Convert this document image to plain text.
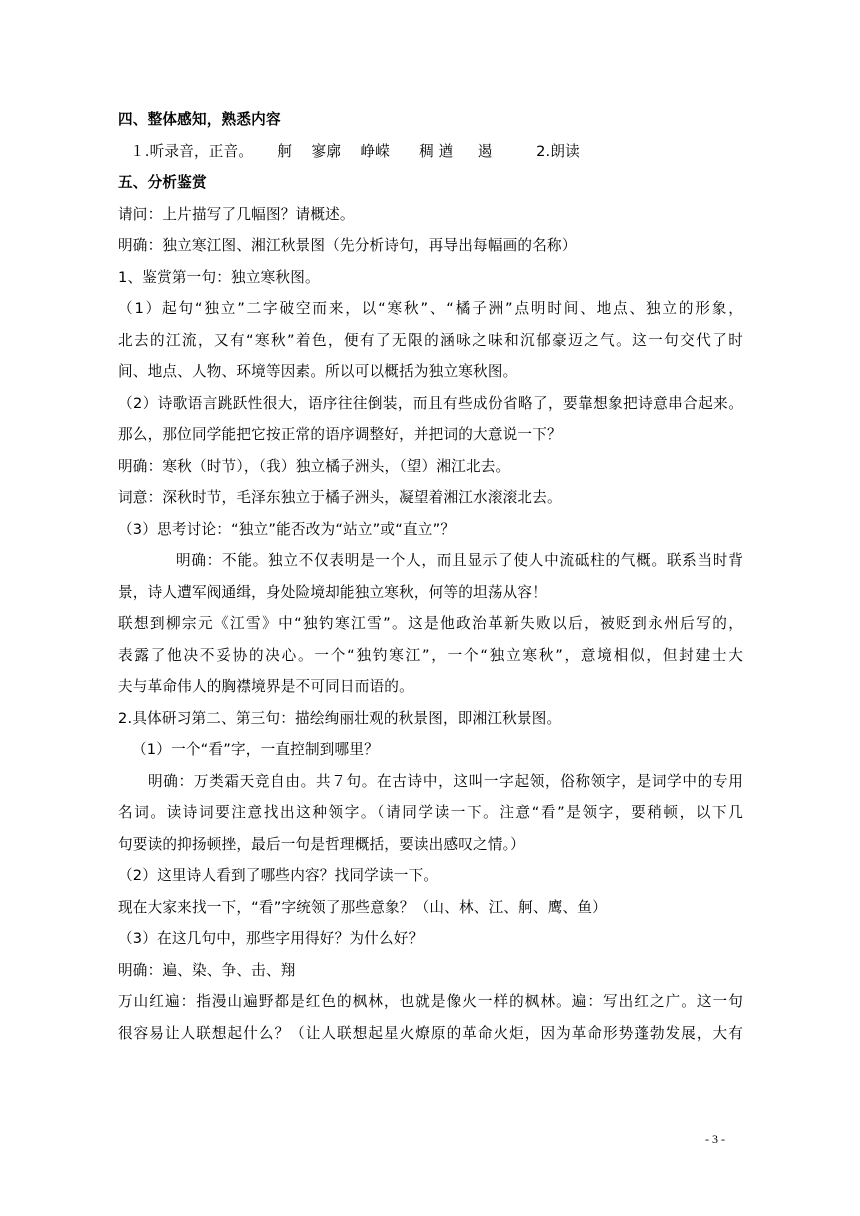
四、整体感知，熟悉内容
１.听录音，正音。     舸    寥廓    峥嵘      稠 遒     遏         2.朗读
五、分析鉴赏
请问：上片描写了几幅图？请概述。
明确：独立寒江图、湘江秋景图（先分析诗句，再导出每幅画的名称）
1、鉴赏第一句：独立寒秋图。
（1）起句“独立”二字破空而来，以“寒秋”、“橘子洲”点明时间、地点、独立的形象，
北去的江流，又有“寒秋”着色，便有了无限的涵咏之味和沉郁豪迈之气。这一句交代了时
间、地点、人物、环境等因素。所以可以概括为独立寒秋图。
（2）诗歌语言跳跃性很大，语序往往倒装，而且有些成份省略了，要靠想象把诗意串合起来。
那么，那位同学能把它按正常的语序调整好，并把词的大意说一下？
明确：寒秋（时节），（我）独立橘子洲头，（望）湘江北去。
词意：深秋时节，毛泽东独立于橘子洲头，凝望着湘江水滚滚北去。
（3）思考讨论：“独立”能否改为“站立”或“直立”？
明确：不能。独立不仅表明是一个人，而且显示了使人中流砥柱的气概。联系当时背
景，诗人遭军阀通缉，身处险境却能独立寒秋，何等的坦荡从容！
联想到柳宗元《江雪》中“独钓寒江雪”。这是他政治革新失败以后，被贬到永州后写的，
表露了他决不妥协的决心。一个“独钓寒江”，一个“独立寒秋”，意境相似，但封建士大
夫与革命伟人的胸襟境界是不可同日而语的。
2.具体研习第二、第三句：描绘绚丽壮观的秋景图，即湘江秋景图。
（1）一个“看”字，一直控制到哪里？
明确：万类霜天竞自由。共７句。在古诗中，这叫一字起领，俗称领字，是词学中的专用
名词。读诗词要注意找出这种领字。（请同学读一下。注意“看”是领字，要稍顿，以下几
句要读的抑扬顿挫，最后一句是哲理概括，要读出感叹之情。）
（2）这里诗人看到了哪些内容？找同学读一下。
现在大家来找一下，“看”字统领了那些意象？（山、林、江、舸、鹰、鱼）
（3）在这几句中，那些字用得好？为什么好？
明确：遍、染、争、击、翔
万山红遍：指漫山遍野都是红色的枫林，也就是像火一样的枫林。遍：写出红之广。这一句
很容易让人联想起什么？（让人联想起星火燎原的革命火炬，因为革命形势蓬勃发展，大有
- 3 -
